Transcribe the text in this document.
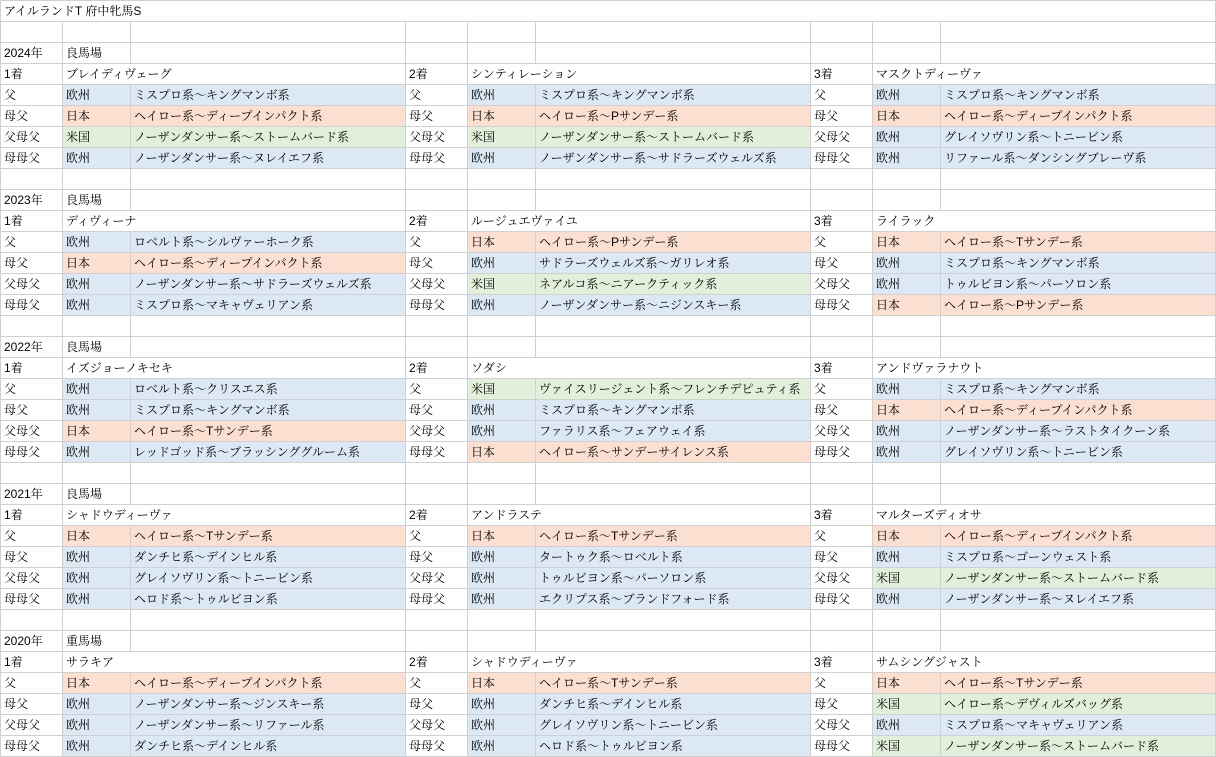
アイルランドT 府中牝馬S								

2024年	良馬場							
1着	ブレイディヴェーグ		2着	シンティレーション		3着	マスクトディーヴァ	
父	欧州	ミスプロ系〜キングマンボ系	父	欧州	ミスプロ系〜キングマンボ系	父	欧州	ミスプロ系〜キングマンボ系
母父	日本	ヘイロー系〜ディープインパクト系	母父	日本	ヘイロー系〜Pサンデー系	母父	日本	ヘイロー系〜ディープインパクト系
父母父	米国	ノーザンダンサー系〜ストームバード系	父母父	米国	ノーザンダンサー系〜ストームバード系	父母父	欧州	グレイソヴリン系〜トニービン系
母母父	欧州	ノーザンダンサー系〜ヌレイエフ系	母母父	欧州	ノーザンダンサー系〜サドラーズウェルズ系	母母父	欧州	リファール系〜ダンシングブレーヴ系

2023年	良馬場							
1着	ディヴィーナ		2着	ルージュエヴァイユ		3着	ライラック	
父	欧州	ロベルト系〜シルヴァーホーク系	父	日本	ヘイロー系〜Pサンデー系	父	日本	ヘイロー系〜Tサンデー系
母父	日本	ヘイロー系〜ディープインパクト系	母父	欧州	サドラーズウェルズ系〜ガリレオ系	母父	欧州	ミスプロ系〜キングマンボ系
父母父	欧州	ノーザンダンサー系〜サドラーズウェルズ系	父母父	米国	ネアルコ系〜ニアークティック系	父母父	欧州	トゥルビヨン系〜パーソロン系
母母父	欧州	ミスプロ系〜マキャヴェリアン系	母母父	欧州	ノーザンダンサー系〜ニジンスキー系	母母父	日本	ヘイロー系〜Pサンデー系

2022年	良馬場							
1着	イズジョーノキセキ		2着	ソダシ		3着	アンドヴァラナウト	
父	欧州	ロベルト系〜クリスエス系	父	米国	ヴァイスリージェント系〜フレンチデピュティ系	父	欧州	ミスプロ系〜キングマンボ系
母父	欧州	ミスプロ系〜キングマンボ系	母父	欧州	ミスプロ系〜キングマンボ系	母父	日本	ヘイロー系〜ディープインパクト系
父母父	日本	ヘイロー系〜Tサンデー系	父母父	欧州	ファラリス系〜フェアウェイ系	父母父	欧州	ノーザンダンサー系〜ラストタイクーン系
母母父	欧州	レッドゴッド系〜ブラッシンググルーム系	母母父	日本	ヘイロー系〜サンデーサイレンス系	母母父	欧州	グレイソヴリン系〜トニービン系

2021年	良馬場							
1着	シャドウディーヴァ		2着	アンドラステ		3着	マルターズディオサ	
父	日本	ヘイロー系〜Tサンデー系	父	日本	ヘイロー系〜Tサンデー系	父	日本	ヘイロー系〜ディープインパクト系
母父	欧州	ダンチヒ系〜デインヒル系	母父	欧州	タートゥク系〜ロベルト系	母父	欧州	ミスプロ系〜ゴーンウェスト系
父母父	欧州	グレイソヴリン系〜トニービン系	父母父	欧州	トゥルビヨン系〜パーソロン系	父母父	米国	ノーザンダンサー系〜ストームバード系
母母父	欧州	ヘロド系〜トゥルビヨン系	母母父	欧州	エクリプス系〜ブランドフォード系	母母父	欧州	ノーザンダンサー系〜ヌレイエフ系

2020年	重馬場							
1着	サラキア		2着	シャドウディーヴァ		3着	サムシングジャスト	
父	日本	ヘイロー系〜ディープインパクト系	父	日本	ヘイロー系〜Tサンデー系	父	日本	ヘイロー系〜Tサンデー系
母父	欧州	ノーザンダンサー系〜ジンスキー系	母父	欧州	ダンチヒ系〜デインヒル系	母父	米国	ヘイロー系〜デヴィルズバッグ系
父母父	欧州	ノーザンダンサー系〜リファール系	父母父	欧州	グレイソヴリン系〜トニービン系	父母父	欧州	ミスプロ系〜マキャヴェリアン系
母母父	欧州	ダンチヒ系〜デインヒル系	母母父	欧州	ヘロド系〜トゥルビヨン系	母母父	米国	ノーザンダンサー系〜ストームバード系
